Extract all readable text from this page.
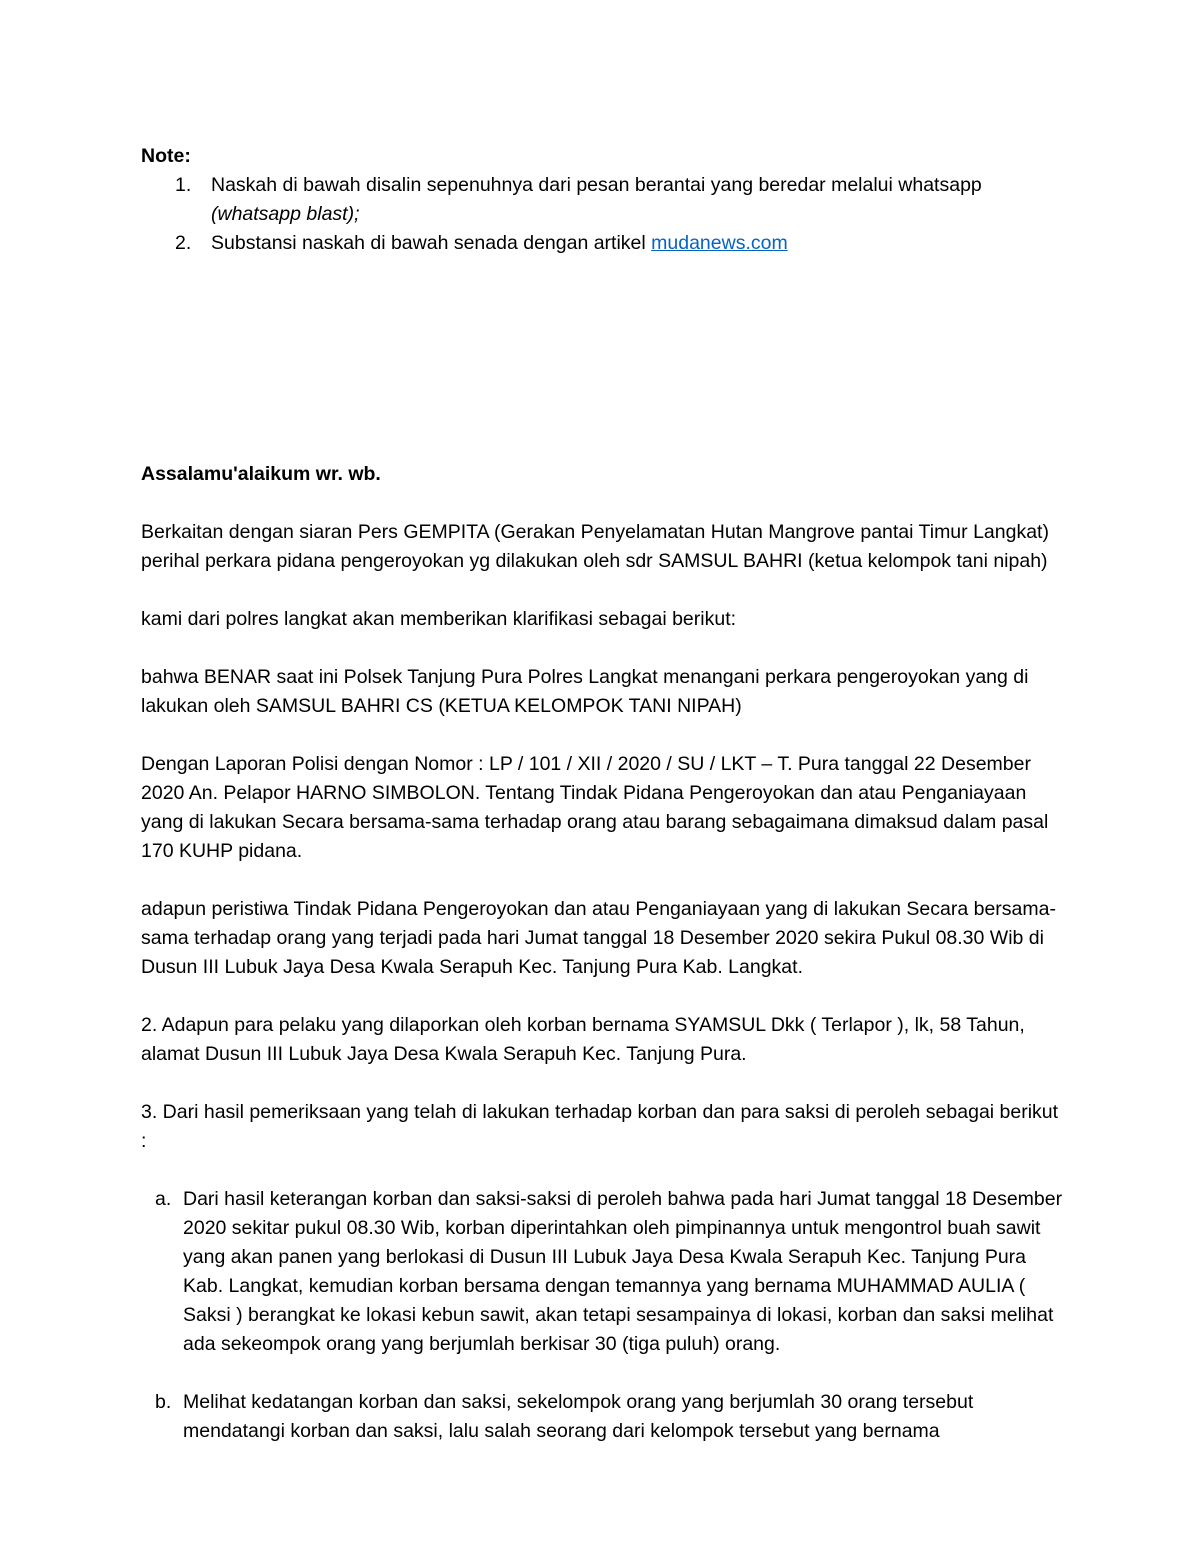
Note:

1. Naskah di bawah disalin sepenuhnya dari pesan berantai yang beredar melalui whatsapp (whatsapp blast);
2. Substansi naskah di bawah senada dengan artikel mudanews.com

Assalamu'alaikum wr. wb.

Berkaitan dengan siaran Pers GEMPITA (Gerakan Penyelamatan Hutan Mangrove pantai Timur Langkat) perihal perkara pidana pengeroyokan yg dilakukan oleh sdr SAMSUL BAHRI (ketua kelompok tani nipah)

kami dari polres langkat akan memberikan klarifikasi sebagai berikut:

bahwa BENAR saat ini Polsek Tanjung Pura Polres Langkat menangani perkara pengeroyokan yang di lakukan oleh SAMSUL BAHRI CS (KETUA KELOMPOK TANI NIPAH)

Dengan Laporan Polisi dengan Nomor : LP / 101 / XII / 2020 / SU / LKT – T. Pura tanggal 22 Desember 2020 An. Pelapor HARNO SIMBOLON. Tentang Tindak Pidana Pengeroyokan dan atau Penganiayaan yang di lakukan Secara bersama-sama terhadap orang atau barang sebagaimana dimaksud dalam pasal 170 KUHP pidana.

adapun peristiwa Tindak Pidana Pengeroyokan dan atau Penganiayaan yang di lakukan Secara bersama-sama terhadap orang yang terjadi pada hari Jumat tanggal 18 Desember 2020 sekira Pukul 08.30 Wib di Dusun III Lubuk Jaya Desa Kwala Serapuh Kec. Tanjung Pura Kab. Langkat.

2. Adapun para pelaku yang dilaporkan oleh korban bernama SYAMSUL Dkk ( Terlapor ), lk, 58 Tahun, alamat Dusun III Lubuk Jaya Desa Kwala Serapuh Kec. Tanjung Pura.

3. Dari hasil pemeriksaan yang telah di lakukan terhadap korban dan para saksi di peroleh sebagai berikut :

a. Dari hasil keterangan korban dan saksi-saksi di peroleh bahwa pada hari Jumat tanggal 18 Desember 2020 sekitar pukul 08.30 Wib, korban diperintahkan oleh pimpinannya untuk mengontrol buah sawit yang akan panen yang berlokasi di Dusun III Lubuk Jaya Desa Kwala Serapuh Kec. Tanjung Pura Kab. Langkat, kemudian korban bersama dengan temannya yang bernama MUHAMMAD AULIA ( Saksi ) berangkat ke lokasi kebun sawit, akan tetapi sesampainya di lokasi, korban dan saksi melihat ada sekeompok orang yang berjumlah berkisar 30 (tiga puluh) orang.
b. Melihat kedatangan korban dan saksi, sekelompok orang yang berjumlah 30 orang tersebut mendatangi korban dan saksi, lalu salah seorang dari kelompok tersebut yang bernama
